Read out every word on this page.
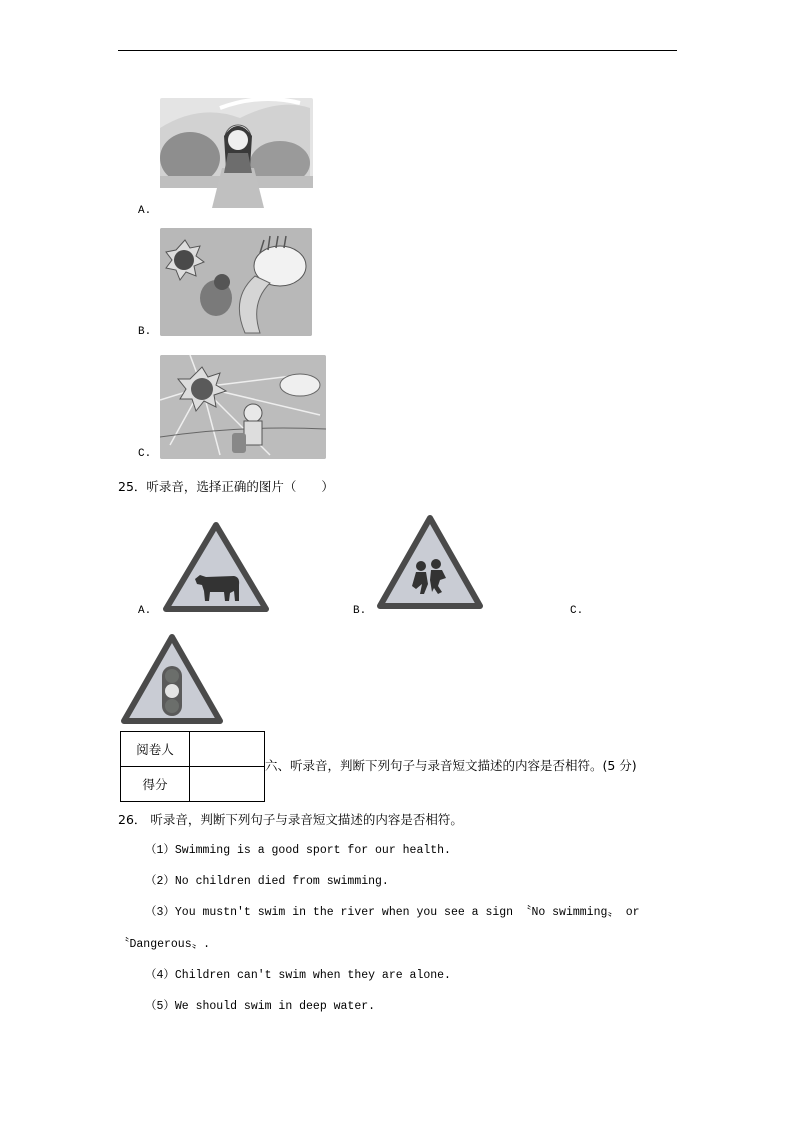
A.
B.
C.
25．听录音，选择正确的图片（　　）
A.	B.	C.
阅卷人	
得分	
六、听录音，判断下列句子与录音短文描述的内容是否相符。(5 分)
26． 听录音，判断下列句子与录音短文描述的内容是否相符。
（1）Swimming is a good sport for our health.
（2）No children died from swimming.
（3）You mustn't swim in the river when you see a sign 〝No swimming〟 or
〝Dangerous〟.
（4）Children can't swim when they are alone.
（5）We should swim in deep water.
